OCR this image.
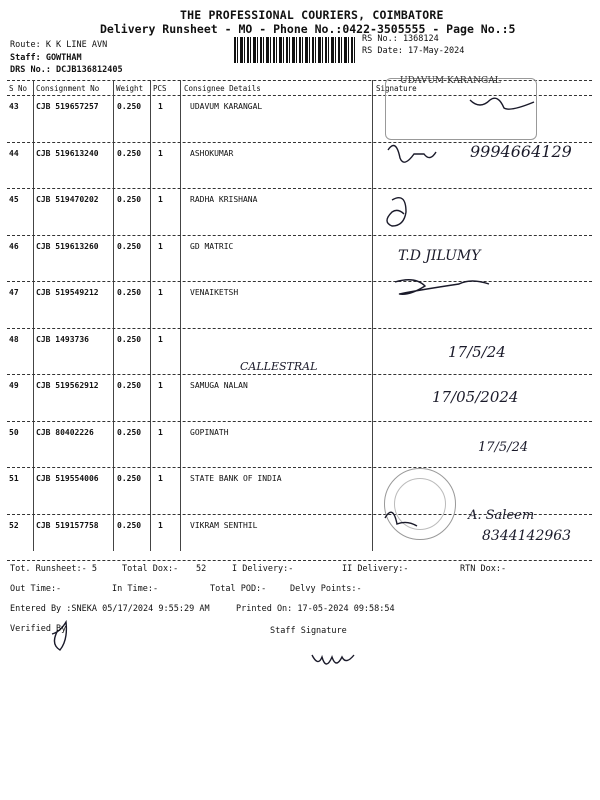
THE PROFESSIONAL COURIERS, COIMBATORE
Delivery Runsheet - MO - Phone No.:0422-3505555 - Page No.:5
Route: K K LINE AVN
Staff: GOWTHAM
DRS No.: DCJB136812405
RS No.: 1368124
RS Date: 17-May-2024
S No Consignment No Weight PCS Consignee Details	Signature
43 CJB 519657257 0.250 1	UDAVUM KARANGAL
44 CJB 519613240 0.250 1	ASHOKUMAR
45 CJB 519470202 0.250 1	RADHA KRISHANA
46 CJB 519613260 0.250 1	GD MATRIC
47 CJB 519549212 0.250 1	VENAIKETSH
48 CJB 1493736	0.250 1
49 CJB 519562912 0.250 1	SAMUGA NALAN
50 CJB 80402226	0.250 1	GOPINATH
51 CJB 519554006 0.250 1	STATE BANK OF INDIA
52 CJB 519157758 0.250 1	VIKRAM SENTHIL
UDAVUM KARANGAL
9994664129
T.D JILUMY
17/5/24
CALLESTRAL
17/05/2024
17/5/24
A. Saleem
8344142963
Tot. Runsheet:- 5	Total Dox:- 52	I Delivery:-	II Delivery:-	RTN Dox:-
Out Time:-	In Time:-	Total POD:-	Delvy Points:-
Entered By :SNEKA 05/17/2024 9:55:29 AM	Printed On: 17-05-2024 09:58:54
Verified By	Staff Signature
